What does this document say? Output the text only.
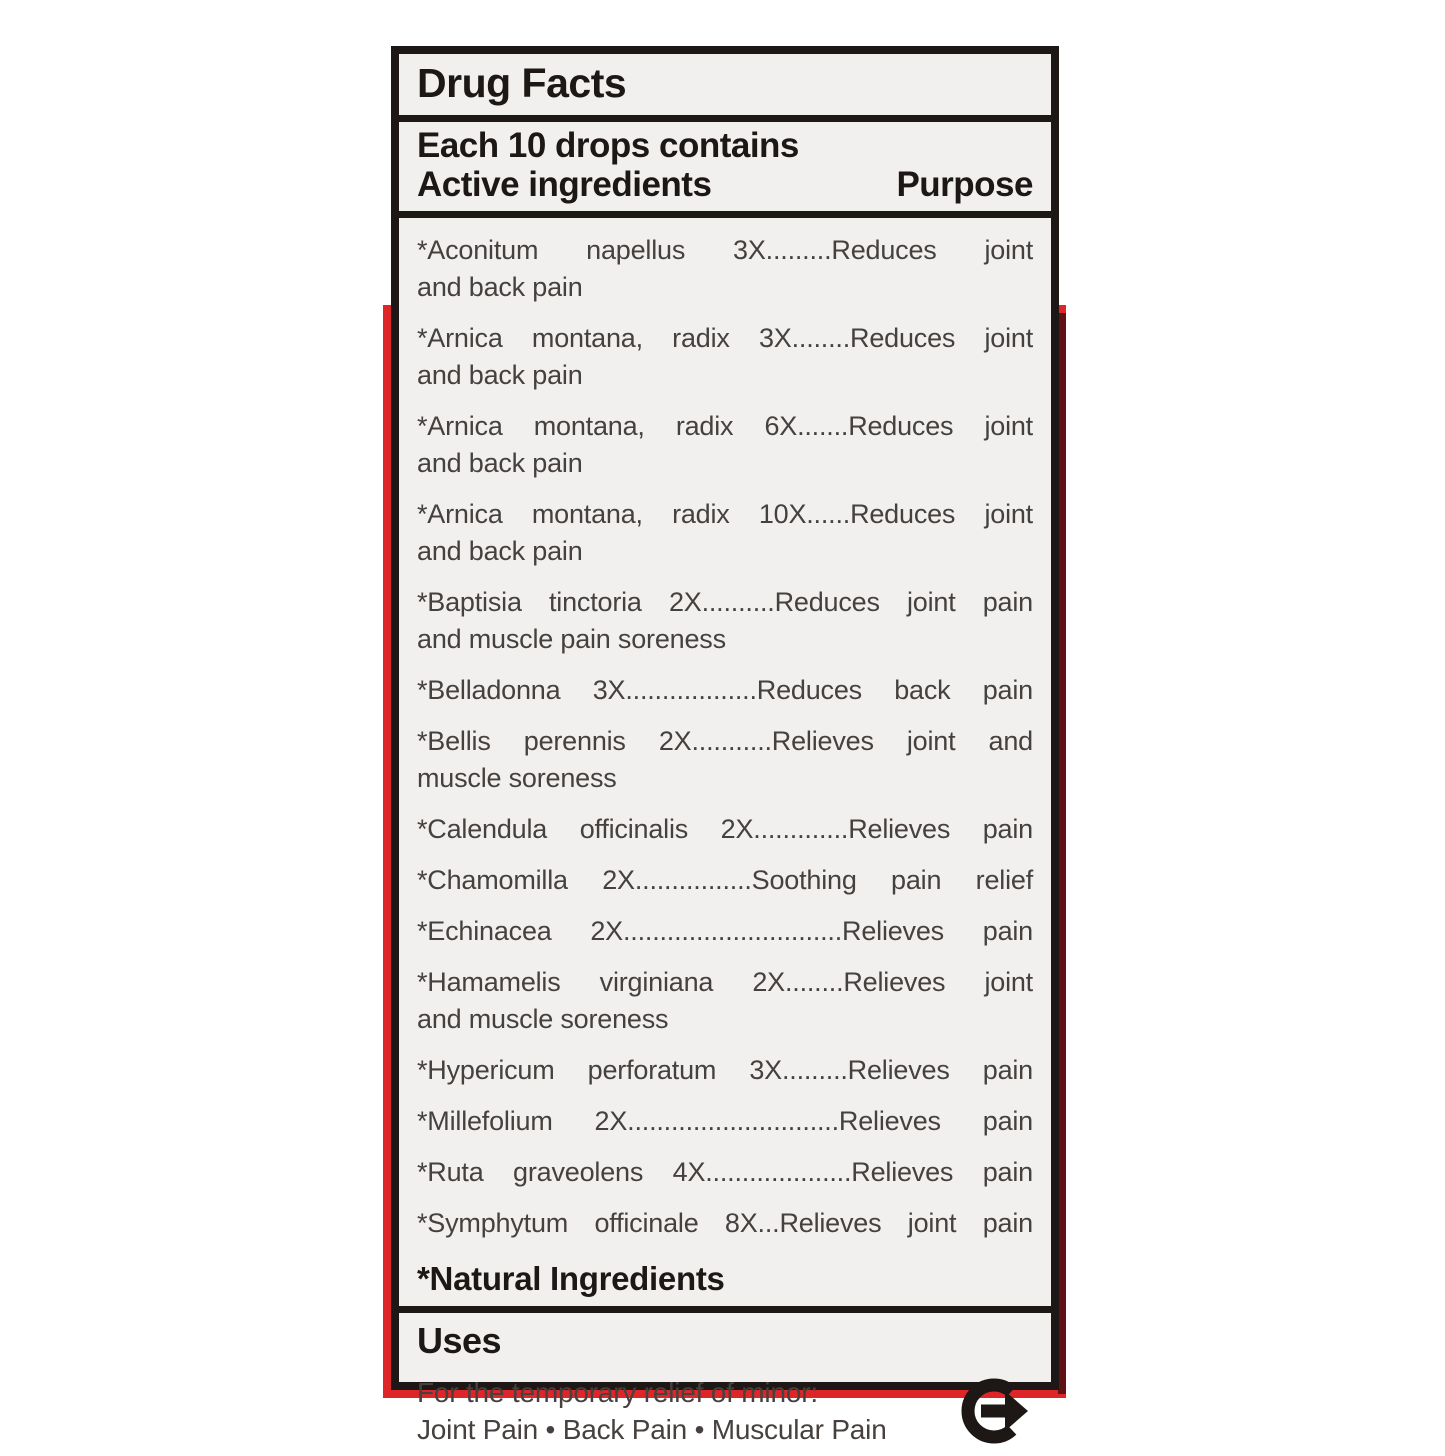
Drug Facts
Each 10 drops contains
Active ingredients	Purpose
*Aconitum napellus 3X.........Reduces joint
and back pain
*Arnica montana, radix 3X........Reduces joint
and back pain
*Arnica montana, radix 6X.......Reduces joint
and back pain
*Arnica montana, radix 10X......Reduces joint
and back pain
*Baptisia tinctoria 2X..........Reduces joint pain
and muscle pain soreness
*Belladonna 3X..................Reduces back pain
*Bellis perennis 2X...........Relieves joint and
muscle soreness
*Calendula officinalis 2X.............Relieves pain
*Chamomilla 2X................Soothing pain relief
*Echinacea 2X..............................Relieves pain
*Hamamelis virginiana 2X........Relieves joint
and muscle soreness
*Hypericum perforatum 3X.........Relieves pain
*Millefolium 2X.............................Relieves pain
*Ruta graveolens 4X....................Relieves pain
*Symphytum officinale 8X...Relieves joint pain
*Natural Ingredients
Uses
For the temporary relief of minor:
Joint Pain • Back Pain • Muscular Pain
